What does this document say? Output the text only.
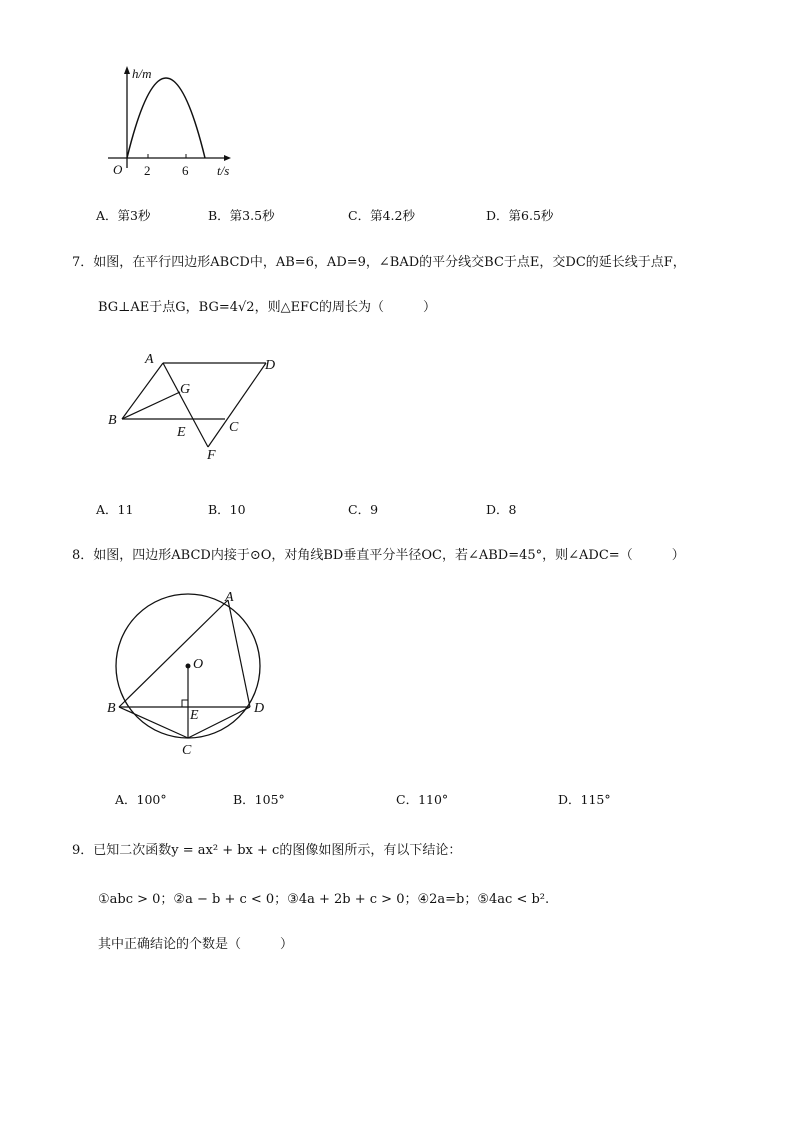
h/m
O 2 6 t/s
A．第3秒	B．第3.5秒	C．第4.2秒	D．第6.5秒
7．如图，在平行四边形ABCD中，AB=6，AD=9，∠BAD的平分线交BC于点E，交DC的延长线于点F，
BG⊥AE于点G，BG=4√2，则△EFC的周长为（　　　）
A	D
G
B
E	C
F
A．11	B．10	C．9	D．8
8．如图，四边形ABCD内接于⊙O，对角线BD垂直平分半径OC，若∠ABD=45°，则∠ADC=（　　　）
A
O
B	E	D
C
A．100°	B．105°	C．110°	D．115°
9．已知二次函数y = ax² + bx + c的图像如图所示，有以下结论：
①abc > 0；②a − b + c < 0；③4a + 2b + c > 0；④2a=b；⑤4ac < b².
其中正确结论的个数是（　　　）
